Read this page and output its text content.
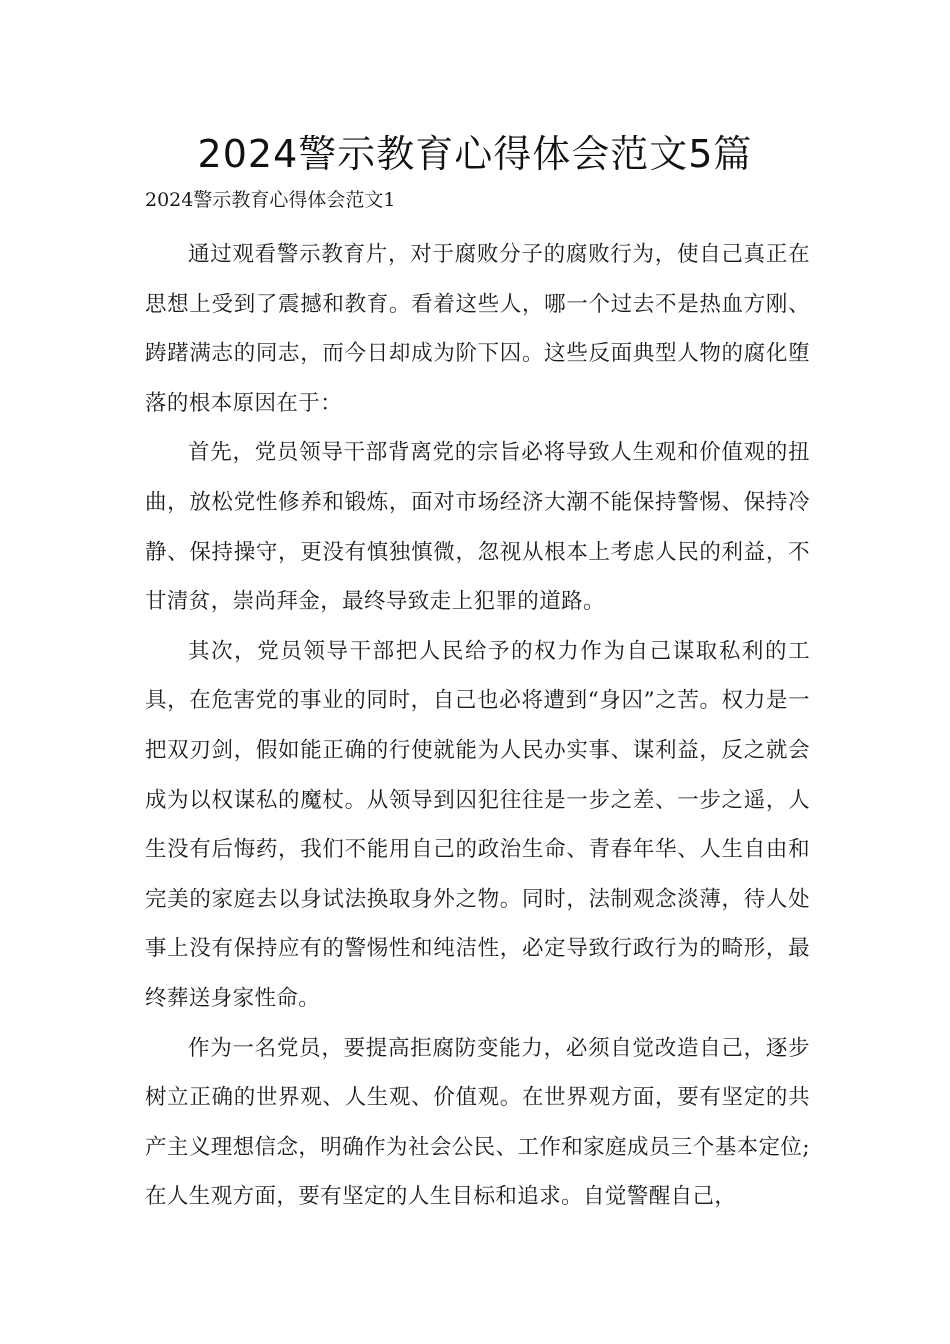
2024警示教育心得体会范文5篇

2024警示教育心得体会范文1

通过观看警示教育片，对于腐败分子的腐败行为，使自己真正在思想上受到了震撼和教育。看着这些人，哪一个过去不是热血方刚、踌躇满志的同志，而今日却成为阶下囚。这些反面典型人物的腐化堕落的根本原因在于：

首先，党员领导干部背离党的宗旨必将导致人生观和价值观的扭曲，放松党性修养和锻炼，面对市场经济大潮不能保持警惕、保持冷静、保持操守，更没有慎独慎微，忽视从根本上考虑人民的利益，不甘清贫，崇尚拜金，最终导致走上犯罪的道路。

其次，党员领导干部把人民给予的权力作为自己谋取私利的工具，在危害党的事业的同时，自己也必将遭到“身囚”之苦。权力是一把双刃剑，假如能正确的行使就能为人民办实事、谋利益，反之就会成为以权谋私的魔杖。从领导到囚犯往往是一步之差、一步之遥，人生没有后悔药，我们不能用自己的政治生命、青春年华、人生自由和完美的家庭去以身试法换取身外之物。同时，法制观念淡薄，待人处事上没有保持应有的警惕性和纯洁性，必定导致行政行为的畸形，最终葬送身家性命。

作为一名党员，要提高拒腐防变能力，必须自觉改造自己，逐步树立正确的世界观、人生观、价值观。在世界观方面，要有坚定的共产主义理想信念，明确作为社会公民、工作和家庭成员三个基本定位;在人生观方面，要有坚定的人生目标和追求。自觉警醒自己，
